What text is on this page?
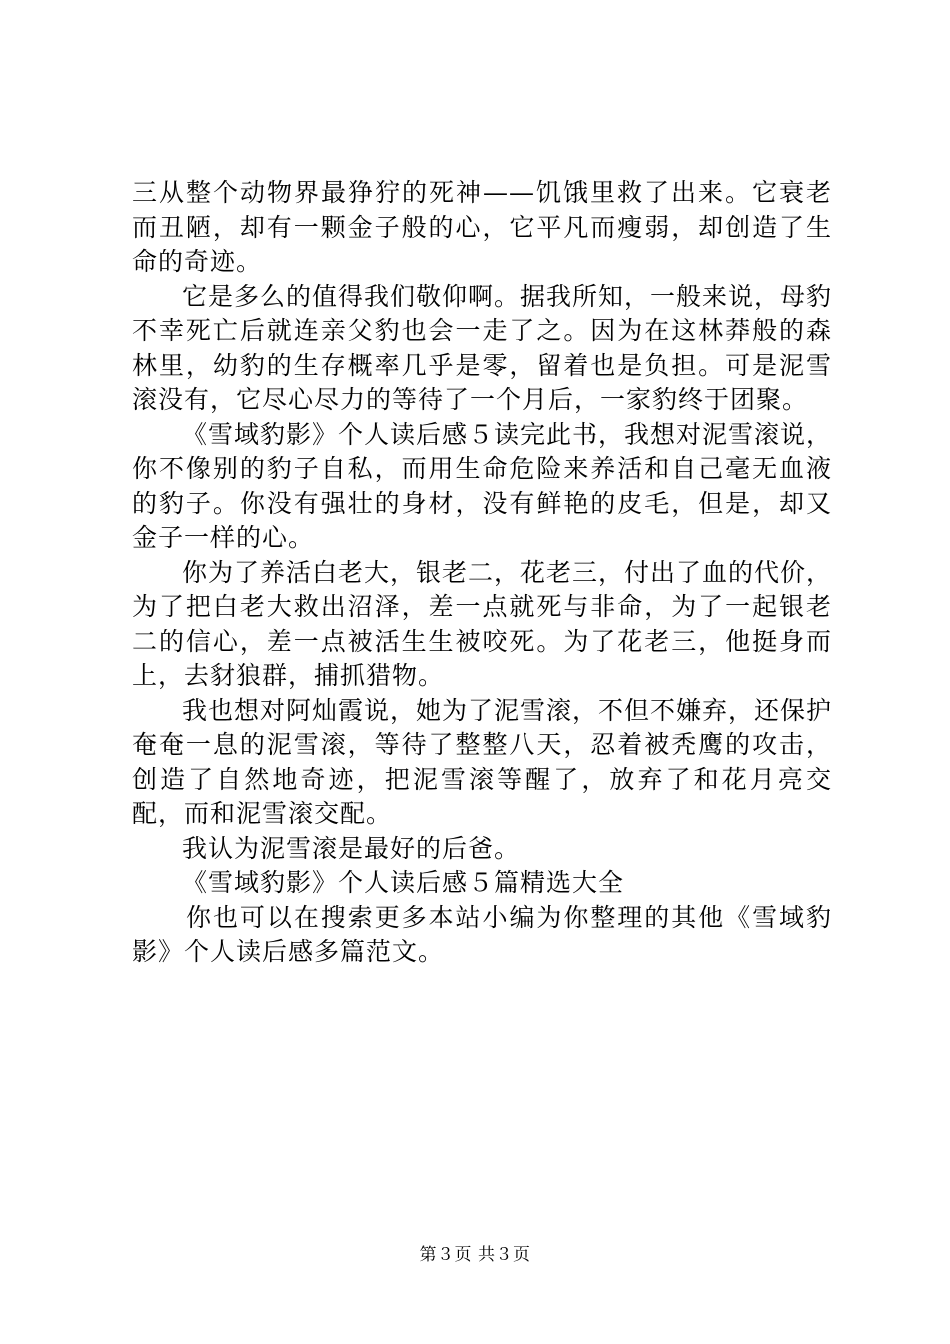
三从整个动物界最狰狞的死神——饥饿里救了出来。它衰老而丑陋，却有一颗金子般的心，它平凡而瘦弱，却创造了生命的奇迹。

它是多么的值得我们敬仰啊。据我所知，一般来说，母豹不幸死亡后就连亲父豹也会一走了之。因为在这林莽般的森林里，幼豹的生存概率几乎是零，留着也是负担。可是泥雪滚没有，它尽心尽力的等待了一个月后，一家豹终于团聚。

《雪域豹影》个人读后感５读完此书，我想对泥雪滚说，你不像别的豹子自私，而用生命危险来养活和自己毫无血液的豹子。你没有强壮的身材，没有鲜艳的皮毛，但是，却又金子一样的心。

你为了养活白老大，银老二，花老三，付出了血的代价，为了把白老大救出沼泽，差一点就死与非命，为了一起银老二的信心，差一点被活生生被咬死。为了花老三，他挺身而上，去豺狼群，捕抓猎物。

我也想对阿灿霞说，她为了泥雪滚，不但不嫌弃，还保护奄奄一息的泥雪滚，等待了整整八天，忍着被秃鹰的攻击，创造了自然地奇迹，把泥雪滚等醒了，放弃了和花月亮交配，而和泥雪滚交配。

我认为泥雪滚是最好的后爸。

《雪域豹影》个人读后感５篇精选大全

你也可以在搜索更多本站小编为你整理的其他《雪域豹影》个人读后感多篇范文。

第３页 共３页
